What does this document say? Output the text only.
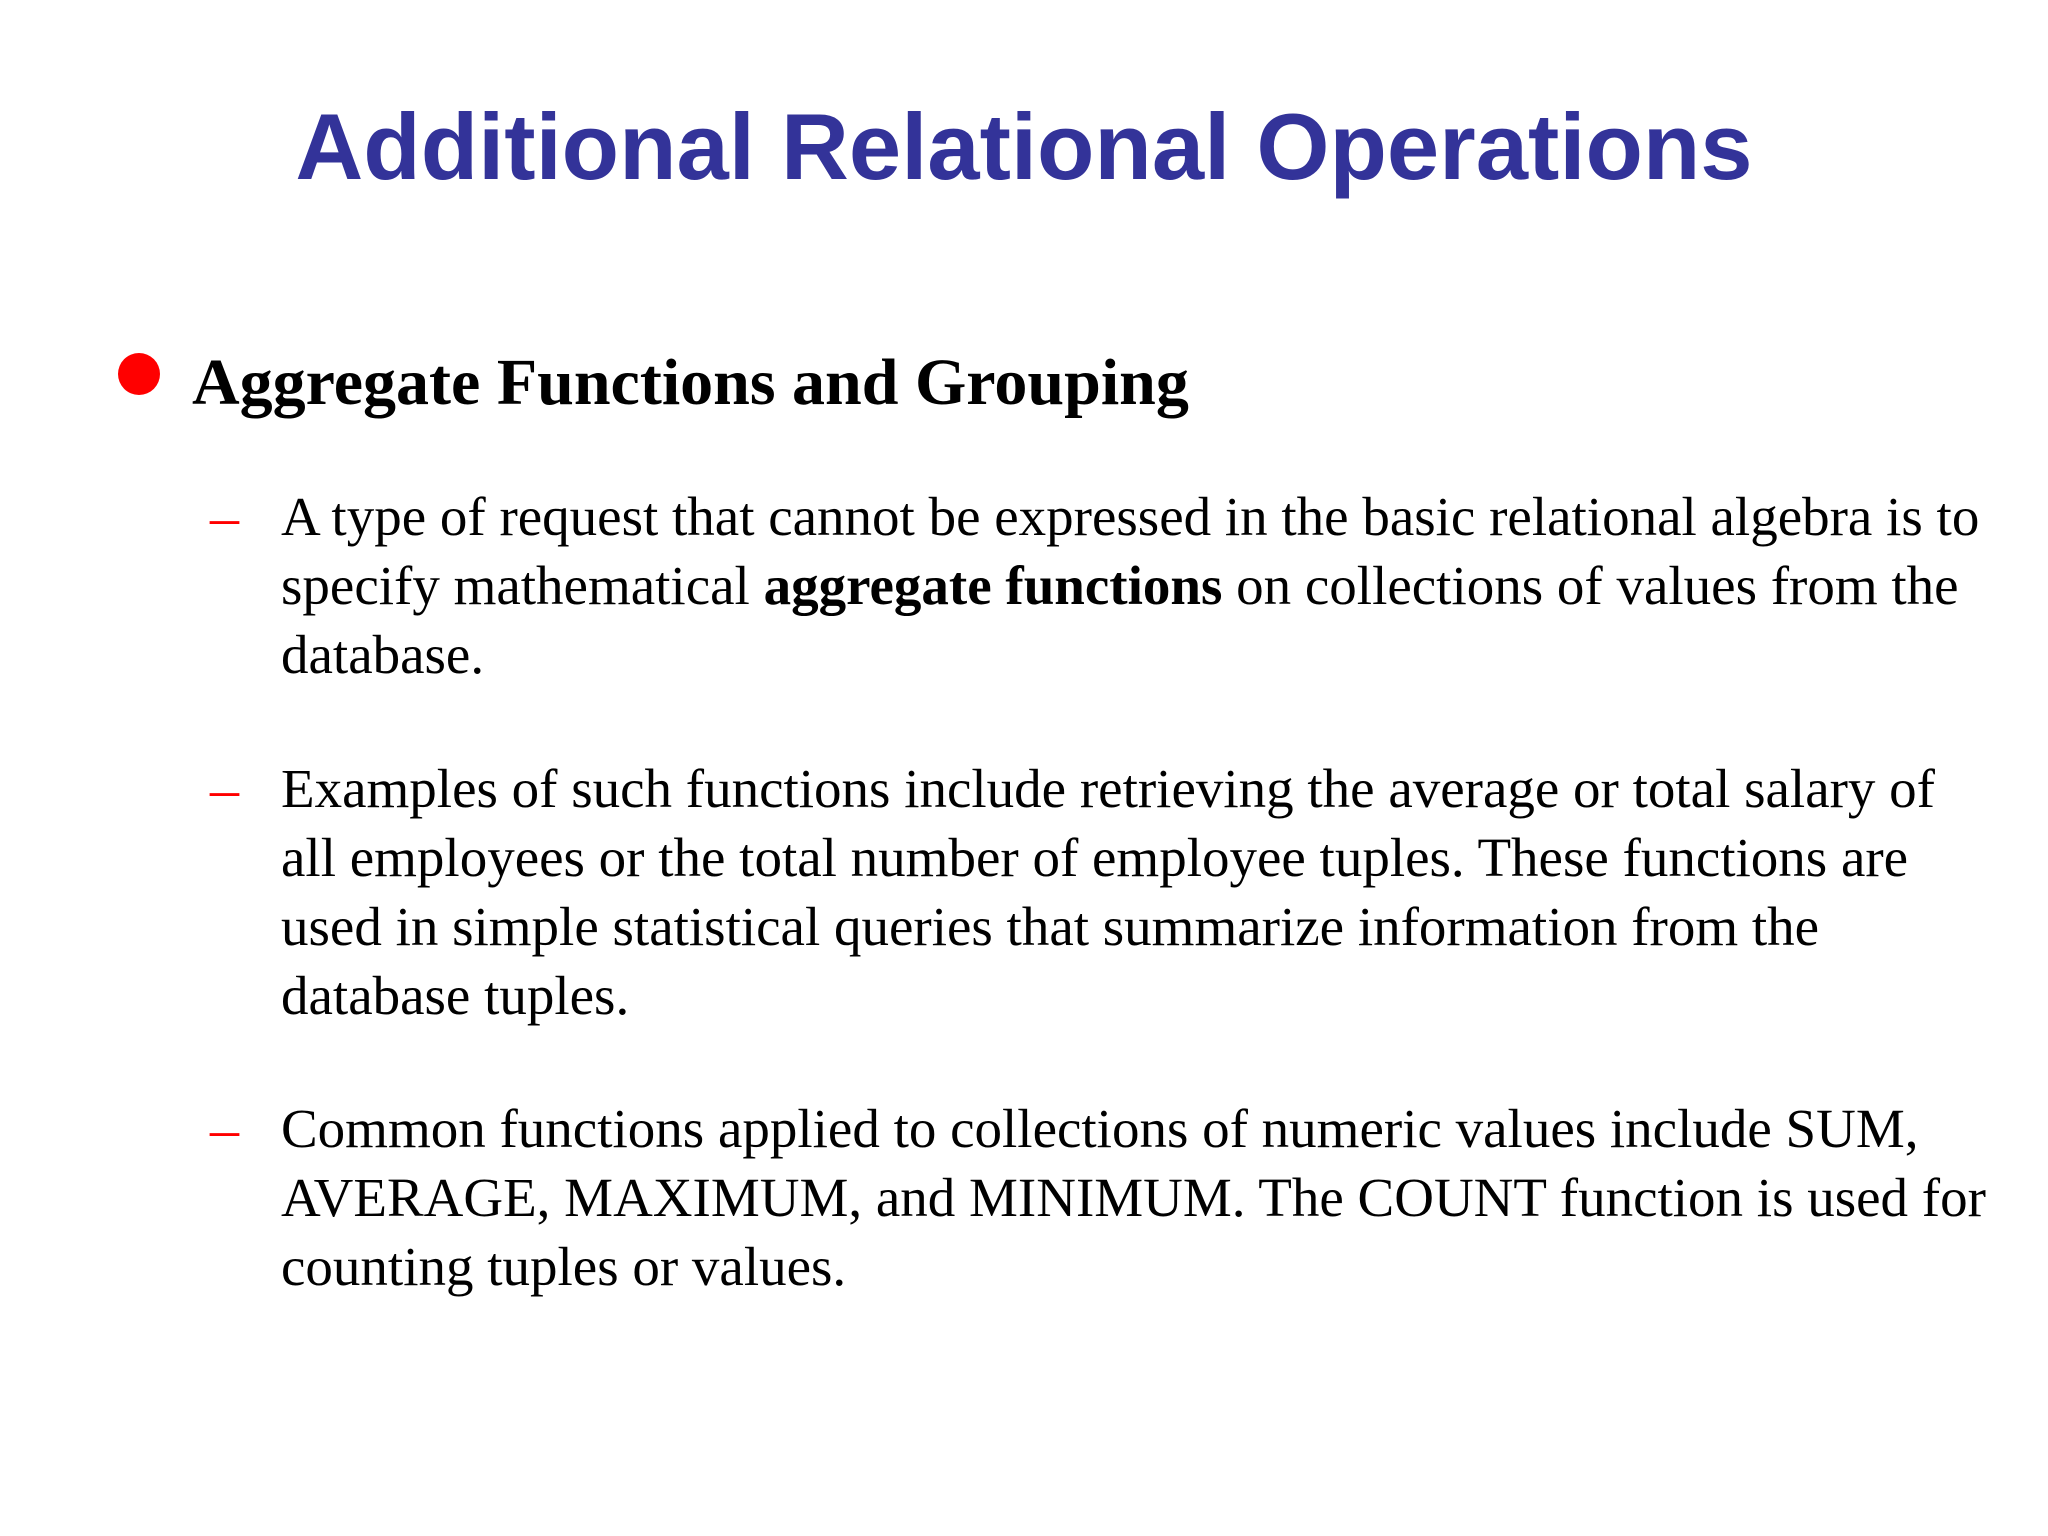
Additional Relational Operations
Aggregate Functions and Grouping
– A type of request that cannot be expressed in the basic relational algebra is to specify mathematical aggregate functions on collections of values from the database.

– Examples of such functions include retrieving the average or total salary of all employees or the total number of employee tuples. These functions are used in simple statistical queries that summarize information from the database tuples.

– Common functions applied to collections of numeric values include SUM, AVERAGE, MAXIMUM, and MINIMUM. The COUNT function is used for counting tuples or values.
